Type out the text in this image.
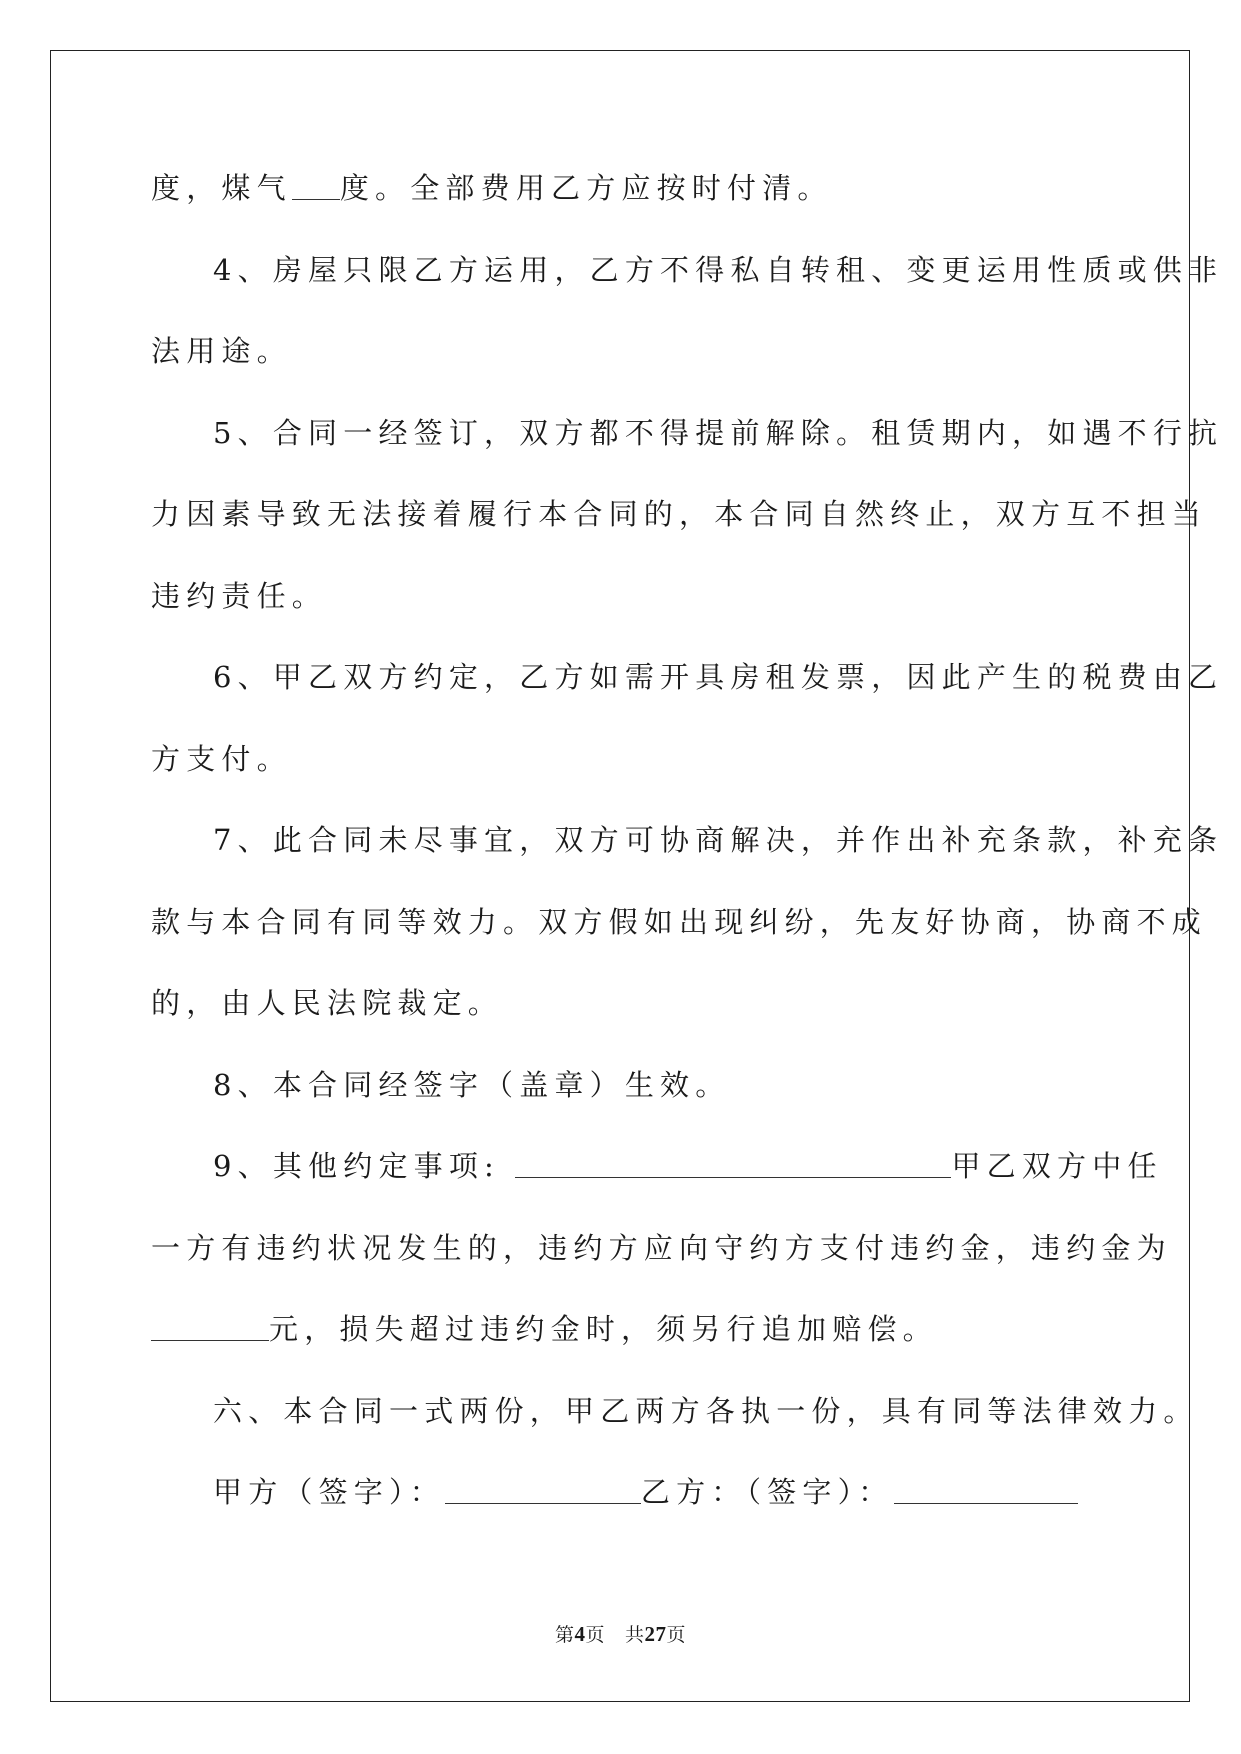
度，煤气 度。全部费用乙方应按时付清。
4、房屋只限乙方运用，乙方不得私自转租、变更运用性质或供非
法用途。
5、合同一经签订，双方都不得提前解除。租赁期内，如遇不行抗
力因素导致无法接着履行本合同的，本合同自然终止，双方互不担当
违约责任。
6、甲乙双方约定，乙方如需开具房租发票，因此产生的税费由乙
方支付。
7、此合同未尽事宜，双方可协商解决，并作出补充条款，补充条
款与本合同有同等效力。双方假如出现纠纷，先友好协商，协商不成
的，由人民法院裁定。
8、本合同经签字（盖章）生效。
9、其他约定事项:	甲乙双方中任
一方有违约状况发生的，违约方应向守约方支付违约金，违约金为
元，损失超过违约金时，须另行追加赔偿。
六、本合同一式两份，甲乙两方各执一份，具有同等法律效力。
甲方（签字）：	乙方：（签字）：
第4页 共27页
